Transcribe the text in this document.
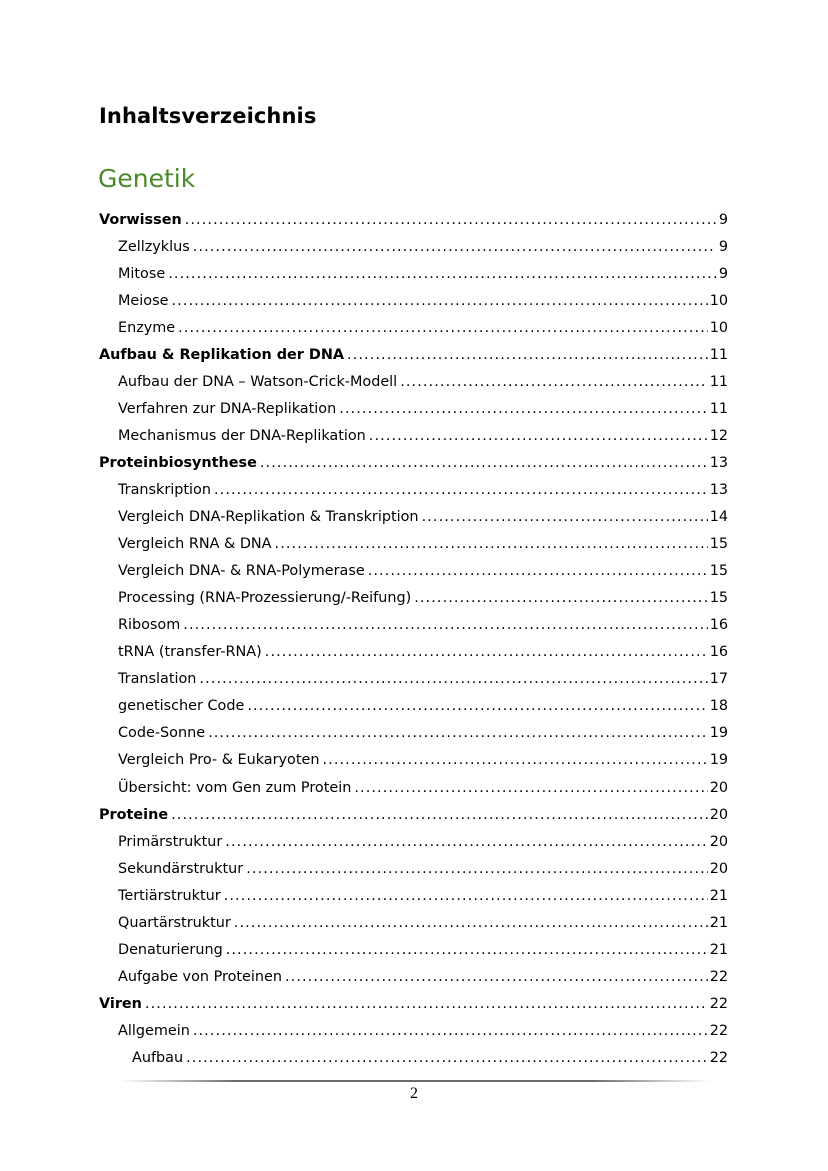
Inhaltsverzeichnis
Genetik
Vorwissen .....	9
Zellzyklus .....	9
Mitose .....	9
Meiose .....	10
Enzyme .....	10
Aufbau & Replikation der DNA .....	11
Aufbau der DNA – Watson-Crick-Modell .....	11
Verfahren zur DNA-Replikation .....	11
Mechanismus der DNA-Replikation .....	12
Proteinbiosynthese .....	13
Transkription .....	13
Vergleich DNA-Replikation & Transkription .....	14
Vergleich RNA & DNA .....	15
Vergleich DNA- & RNA-Polymerase .....	15
Processing (RNA-Prozessierung/-Reifung) .....	15
Ribosom .....	16
tRNA (transfer-RNA) .....	16
Translation .....	17
genetischer Code .....	18
Code-Sonne .....	19
Vergleich Pro- & Eukaryoten .....	19
Übersicht: vom Gen zum Protein .....	20
Proteine .....	20
Primärstruktur .....	20
Sekundärstruktur .....	20
Tertiärstruktur .....	21
Quartärstruktur .....	21
Denaturierung .....	21
Aufgabe von Proteinen .....	22
Viren .....	22
Allgemein .....	22
Aufbau .....	22
2
